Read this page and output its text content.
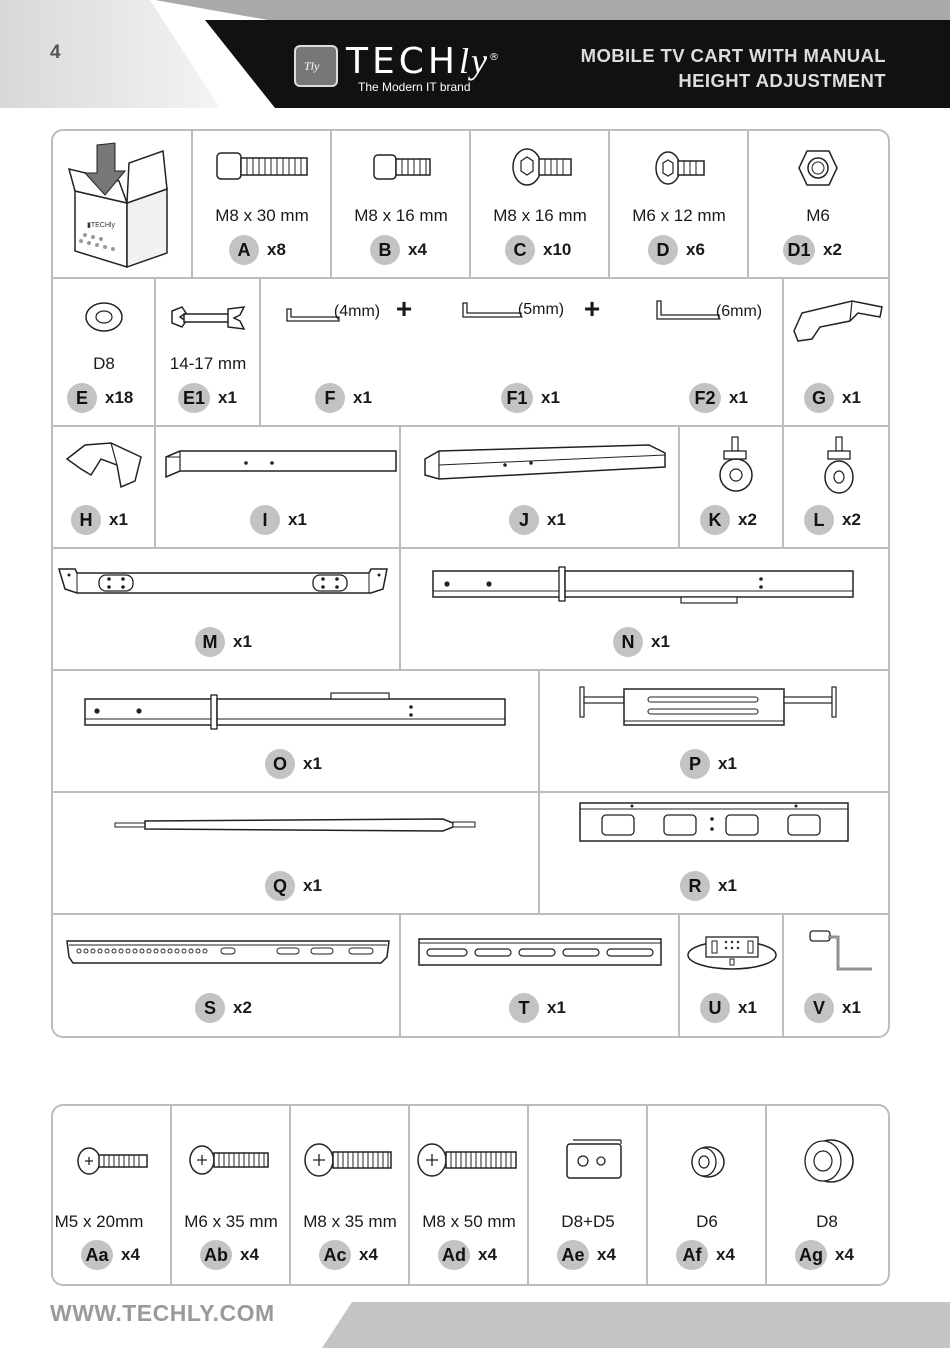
4
Tly TECHly®
The Modern IT brand
MOBILE TV CART WITH MANUAL
HEIGHT ADJUSTMENT
▮TECHly
M8 x 30 mm
A x8
M8 x 16 mm
B x4
M8 x 16 mm
C x10
M6 x 12 mm
D x6
M6
D1 x2
D8
E	x18
14-17 mm
E1 x1
(4mm) +	(5mm) +	(6mm)
F	x1	F1 x1	F2 x1	G x1
H x1	I	x1	J	x1	K x2	L	x2
M x1	N x1
O x1	P	x1
Q x1	R x1
S	x2	T	x1	U x1	V	x1
M5 x 20mm
Aa x4
M6 x 35 mm
Ab x4
M8 x 35 mm
Ac x4
M8 x 50 mm
Ad x4
D8+D5
Ae x4
D6
Af x4
D8
Ag x4
WWW.TECHLY.COM
